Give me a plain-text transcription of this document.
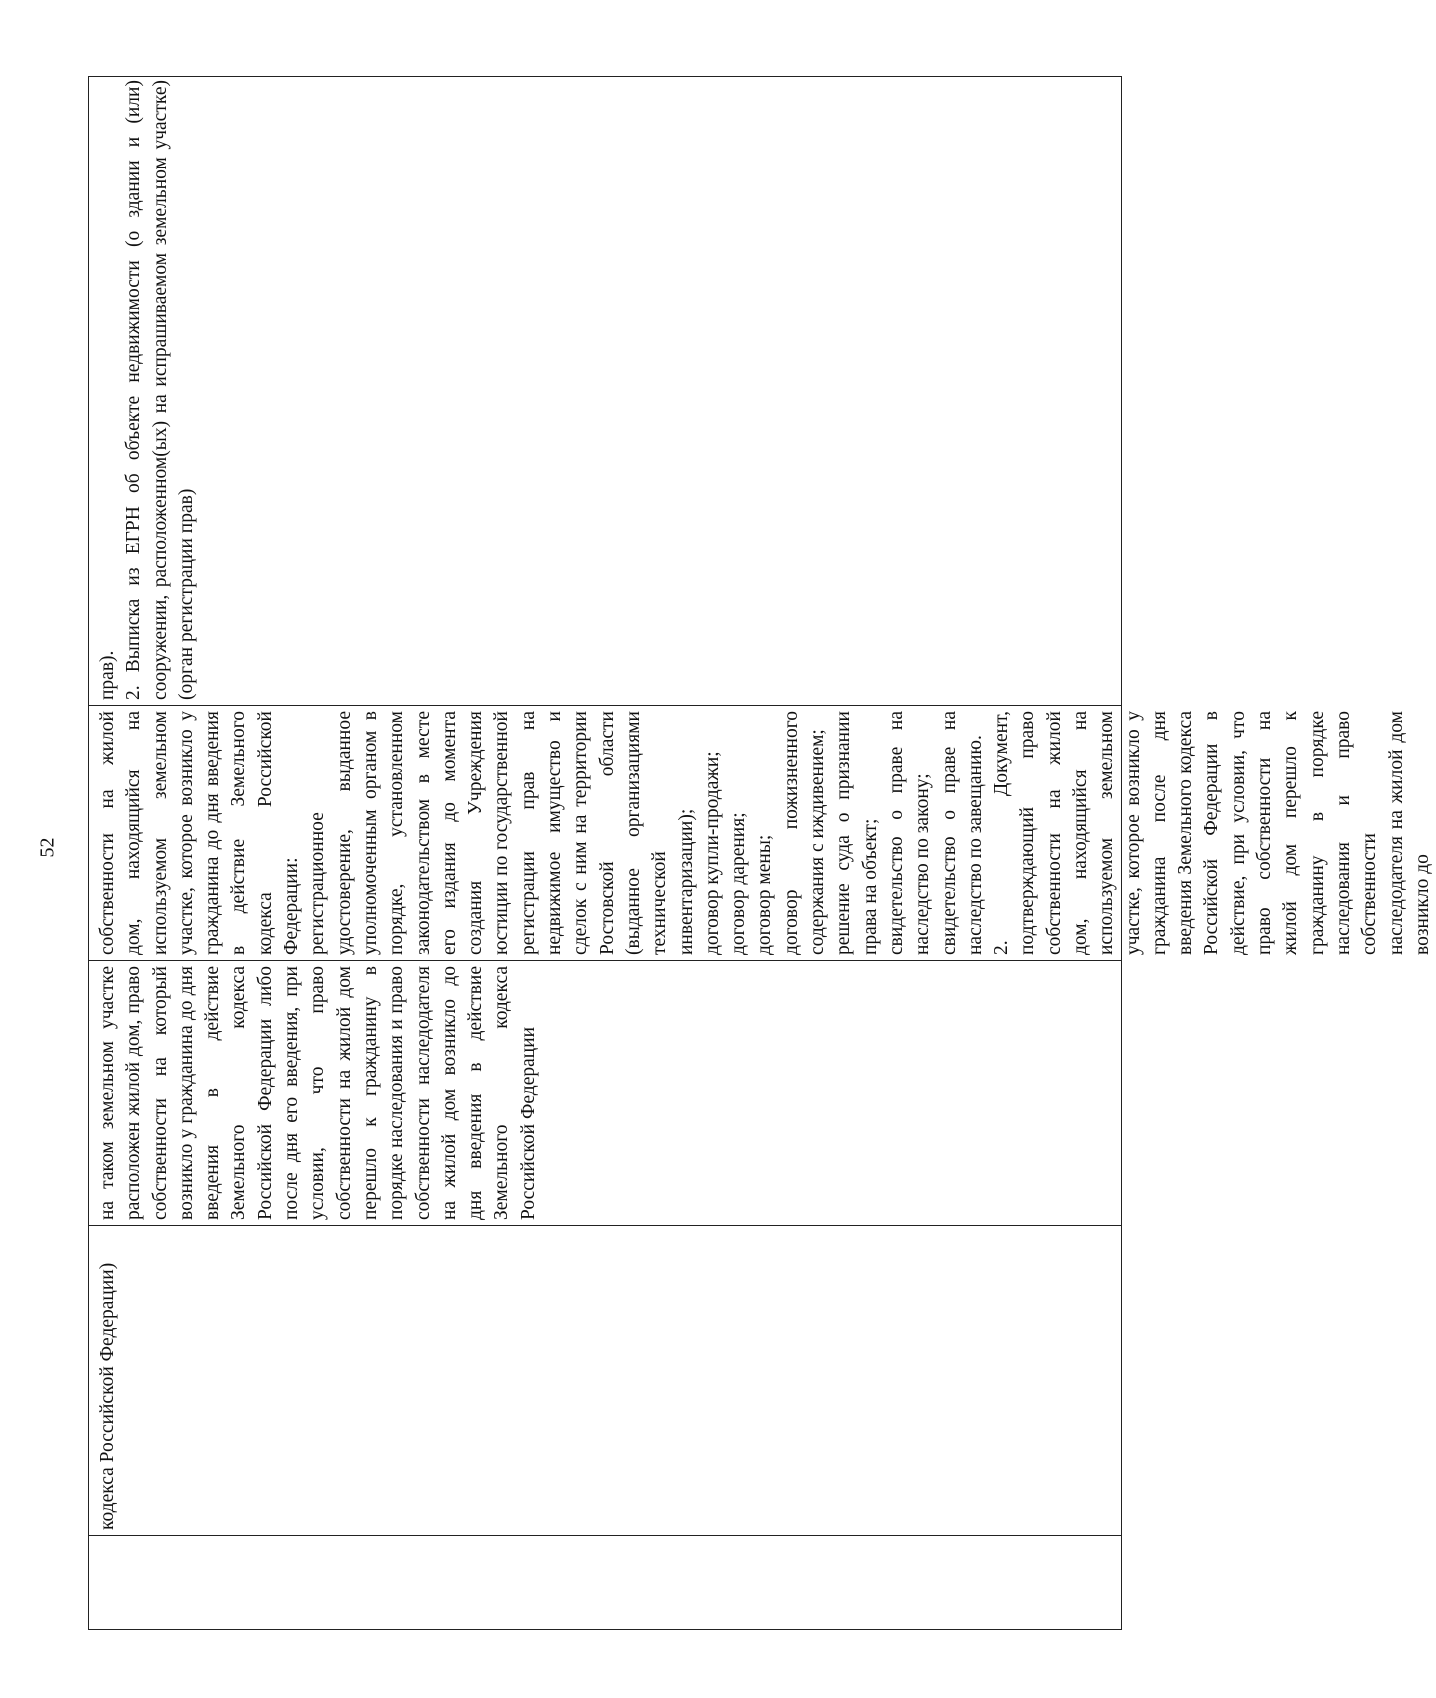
52

кодекса Российской Федерации)

на таком земельном участке расположен жилой дом, право собственности на который возникло у гражданина до дня введения в действие Земельного кодекса Российской Федерации либо после дня его введения, при условии, что право собственности на жилой дом перешло к гражданину в порядке наследования и право собственности наследодателя на жилой дом возникло до дня введения в действие Земельного кодекса Российской Федерации

собственности на жилой дом, находящийся на используемом земельном участке, которое возникло у гражданина до дня введения в действие Земельного кодекса Российской Федерации:
регистрационное удостоверение, выданное уполномоченным органом в порядке, установленном законодательством в месте его издания до момента создания Учреждения юстиции по государственной регистрации прав на недвижимое имущество и сделок с ним на территории Ростовской области (выданное организациями технической инвентаризации);
договор купли-продажи;
договор дарения;
договор мены;
договор пожизненного содержания с иждивением;
решение суда о признании права на объект;
свидетельство о праве на наследство по закону;
свидетельство о праве на наследство по завещанию.
2. Документ, подтверждающий право собственности на жилой дом, находящийся на используемом земельном участке, которое возникло у гражданина после дня введения Земельного кодекса Российской Федерации в действие, при условии, что право собственности на жилой дом перешло к гражданину в порядке наследования и право собственности наследодателя на жилой дом возникло до

прав).
2. Выписка из ЕГРН об объекте недвижимости (о здании и (или) сооружении, расположенном(ых) на испрашиваемом земельном участке) (орган регистрации прав)
